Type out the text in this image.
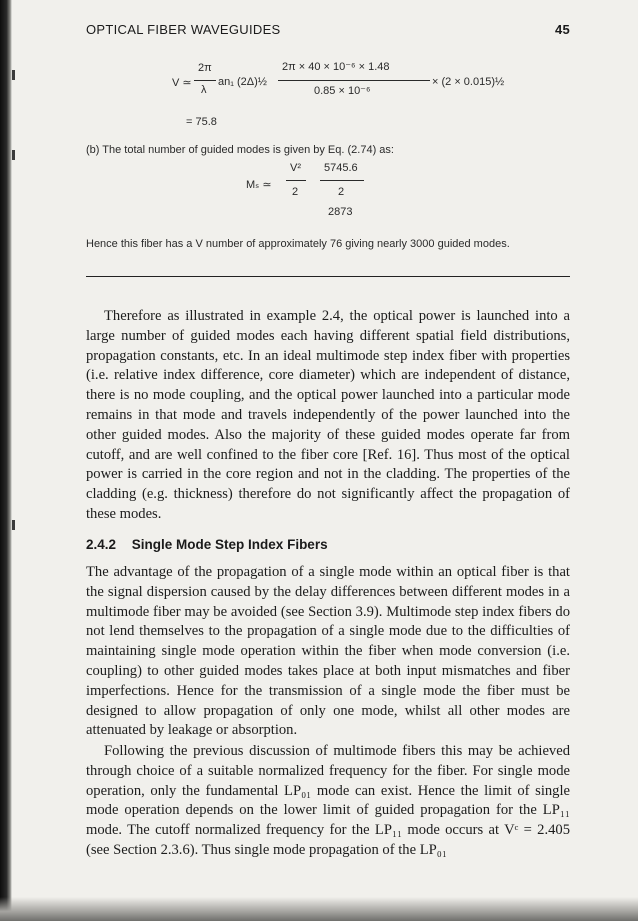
OPTICAL FIBER WAVEGUIDES	45
V ≃
2π
λ
an₁ (2Δ)½
2π × 40 × 10⁻⁶ × 1.48
0.85 × 10⁻⁶
× (2 × 0.015)½
= 75.8
(b) The total number of guided modes is given by Eq. (2.74) as:
Mₛ ≃
V²
2
5745.6
2
2873
Hence this fiber has a V number of approximately 76 giving nearly 3000 guided modes.

Therefore as illustrated in example 2.4, the optical power is launched into a large number of guided modes each having different spatial field distributions, propagation constants, etc. In an ideal multimode step index fiber with properties (i.e. relative index difference, core diameter) which are independent of distance, there is no mode coupling, and the optical power launched into a particular mode remains in that mode and travels independently of the power launched into the other guided modes. Also the majority of these guided modes operate far from cutoff, and are well confined to the fiber core [Ref. 16]. Thus most of the optical power is carried in the core region and not in the cladding. The properties of the cladding (e.g. thickness) therefore do not significantly affect the propagation of these modes.

2.4.2 Single Mode Step Index Fibers

The advantage of the propagation of a single mode within an optical fiber is that the signal dispersion caused by the delay differences between different modes in a multimode fiber may be avoided (see Section 3.9). Multimode step index fibers do not lend themselves to the propagation of a single mode due to the difficulties of maintaining single mode operation within the fiber when mode conversion (i.e. coupling) to other guided modes takes place at both input mismatches and fiber imperfections. Hence for the transmission of a single mode the fiber must be designed to allow propagation of only one mode, whilst all other modes are attenuated by leakage or absorption.

Following the previous discussion of multimode fibers this may be achieved through choice of a suitable normalized frequency for the fiber. For single mode operation, only the fundamental LP₀₁ mode can exist. Hence the limit of single mode operation depends on the lower limit of guided propagation for the LP₁₁ mode. The cutoff normalized frequency for the LP₁₁ mode occurs at Vᶜ = 2.405 (see Section 2.3.6). Thus single mode propagation of the LP₀₁
